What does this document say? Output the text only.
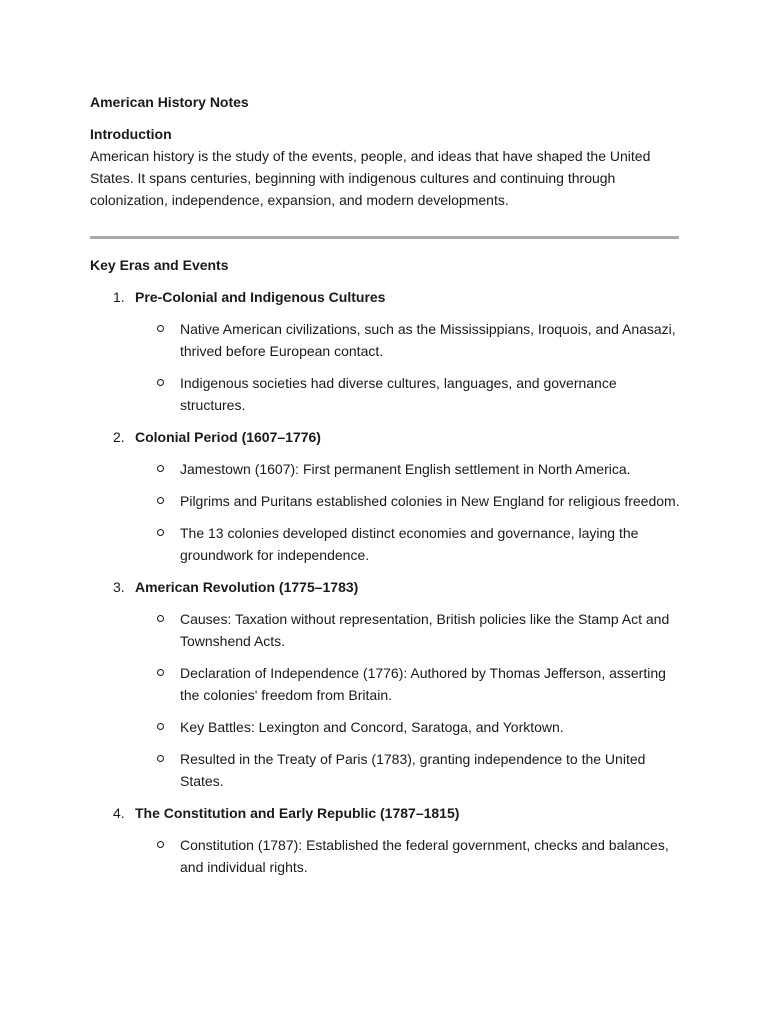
American History Notes

Introduction

American history is the study of the events, people, and ideas that have shaped the United States. It spans centuries, beginning with indigenous cultures and continuing through colonization, independence, expansion, and modern developments.

Key Eras and Events

1. Pre-Colonial and Indigenous Cultures
Native American civilizations, such as the Mississippians, Iroquois, and Anasazi, thrived before European contact.
Indigenous societies had diverse cultures, languages, and governance structures.
2. Colonial Period (1607–1776)
Jamestown (1607): First permanent English settlement in North America.
Pilgrims and Puritans established colonies in New England for religious freedom.
The 13 colonies developed distinct economies and governance, laying the groundwork for independence.
3. American Revolution (1775–1783)
Causes: Taxation without representation, British policies like the Stamp Act and Townshend Acts.
Declaration of Independence (1776): Authored by Thomas Jefferson, asserting the colonies' freedom from Britain.
Key Battles: Lexington and Concord, Saratoga, and Yorktown.
Resulted in the Treaty of Paris (1783), granting independence to the United States.
4. The Constitution and Early Republic (1787–1815)
Constitution (1787): Established the federal government, checks and balances, and individual rights.
